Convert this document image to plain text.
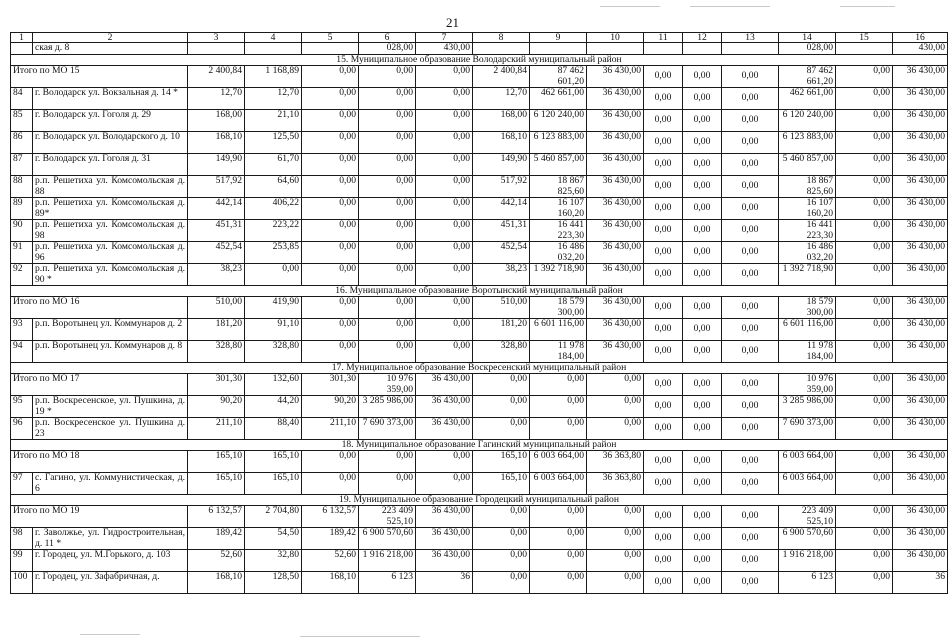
21
1	2	3	4	5	6	7	8	9	10	11	12	13	14	15	16
	ская д. 8				028,00	430,00							028,00		430,00
15. Муниципальное образование Володарский муниципальный район															
Итого по МО 15		2 400,84	1 168,89	0,00	0,00	0,00	2 400,84	87 462 601,20	36 430,00	0,00	0,00	0,00	87 462 661,20	0,00	36 430,00
84	г. Володарск ул. Вокзальная д. 14 *	12,70	12,70	0,00	0,00	0,00	12,70	462 661,00	36 430,00	0,00	0,00	0,00	462 661,00	0,00	36 430,00
85	г. Володарск ул. Гоголя д. 29	168,00	21,10	0,00	0,00	0,00	168,00	6 120 240,00	36 430,00	0,00	0,00	0,00	6 120 240,00	0,00	36 430,00
86	г. Володарск ул. Володарского д. 10	168,10	125,50	0,00	0,00	0,00	168,10	6 123 883,00	36 430,00	0,00	0,00	0,00	6 123 883,00	0,00	36 430,00
87	г. Володарск ул. Гоголя д. 31	149,90	61,70	0,00	0,00	0,00	149,90	5 460 857,00	36 430,00	0,00	0,00	0,00	5 460 857,00	0,00	36 430,00
88	р.п. Решетиха ул. Комсомольская д. 88	517,92	64,60	0,00	0,00	0,00	517,92	18 867 825,60	36 430,00	0,00	0,00	0,00	18 867 825,60	0,00	36 430,00
89	р.п. Решетиха ул. Комсомольская д. 89*	442,14	406,22	0,00	0,00	0,00	442,14	16 107 160,20	36 430,00	0,00	0,00	0,00	16 107 160,20	0,00	36 430,00
90	р.п. Решетиха ул. Комсомольская д. 98	451,31	223,22	0,00	0,00	0,00	451,31	16 441 223,30	36 430,00	0,00	0,00	0,00	16 441 223,30	0,00	36 430,00
91	р.п. Решетиха ул. Комсомольская д. 96	452,54	253,85	0,00	0,00	0,00	452,54	16 486 032,20	36 430,00	0,00	0,00	0,00	16 486 032,20	0,00	36 430,00
92	р.п. Решетиха ул. Комсомольская д. 90 *	38,23	0,00	0,00	0,00	0,00	38,23	1 392 718,90	36 430,00	0,00	0,00	0,00	1 392 718,90	0,00	36 430,00
16. Муниципальное образование Воротынский муниципальный район															
Итого по МО 16		510,00	419,90	0,00	0,00	0,00	510,00	18 579 300,00	36 430,00	0,00	0,00	0,00	18 579 300,00	0,00	36 430,00
93	р.п. Воротынец ул. Коммунаров д. 2	181,20	91,10	0,00	0,00	0,00	181,20	6 601 116,00	36 430,00	0,00	0,00	0,00	6 601 116,00	0,00	36 430,00
94	р.п. Воротынец ул. Коммунаров д. 8	328,80	328,80	0,00	0,00	0,00	328,80	11 978 184,00	36 430,00	0,00	0,00	0,00	11 978 184,00	0,00	36 430,00
17. Муниципальное образование Воскресенский муниципальный район															
Итого по МО 17		301,30	132,60	301,30	10 976 359,00	36 430,00	0,00	0,00	0,00	0,00	0,00	0,00	10 976 359,00	0,00	36 430,00
95	р.п. Воскресенское, ул. Пушкина, д. 19 *	90,20	44,20	90,20	3 285 986,00	36 430,00	0,00	0,00	0,00	0,00	0,00	0,00	3 285 986,00	0,00	36 430,00
96	р.п. Воскресенское ул. Пушкина д. 23	211,10	88,40	211,10	7 690 373,00	36 430,00	0,00	0,00	0,00	0,00	0,00	0,00	7 690 373,00	0,00	36 430,00
18. Муниципальное образование Гагинский муниципальный район															
Итого по МО 18		165,10	165,10	0,00	0,00	0,00	165,10	6 003 664,00	36 363,80	0,00	0,00	0,00	6 003 664,00	0,00	36 430,00
97	с. Гагино, ул. Коммунистическая, д. 6	165,10	165,10	0,00	0,00	0,00	165,10	6 003 664,00	36 363,80	0,00	0,00	0,00	6 003 664,00	0,00	36 430,00
19. Муниципальное образование Городецкий муниципальный район															
Итого по МО 19		6 132,57	2 704,80	6 132,57	223 409 525,10	36 430,00	0,00	0,00	0,00	0,00	0,00	0,00	223 409 525,10	0,00	36 430,00
98	г. Заволжье, ул. Гидростроительная, д. 11 *	189,42	54,50	189,42	6 900 570,60	36 430,00	0,00	0,00	0,00	0,00	0,00	0,00	6 900 570,60	0,00	36 430,00
99	г. Городец, ул. М.Горького, д. 103	52,60	32,80	52,60	1 916 218,00	36 430,00	0,00	0,00	0,00	0,00	0,00	0,00	1 916 218,00	0,00	36 430,00
100	г. Городец, ул. Зафабричная, д.	168,10	128,50	168,10	6 123	36	0,00	0,00	0,00	0,00	0,00	0,00	6 123	0,00	36
